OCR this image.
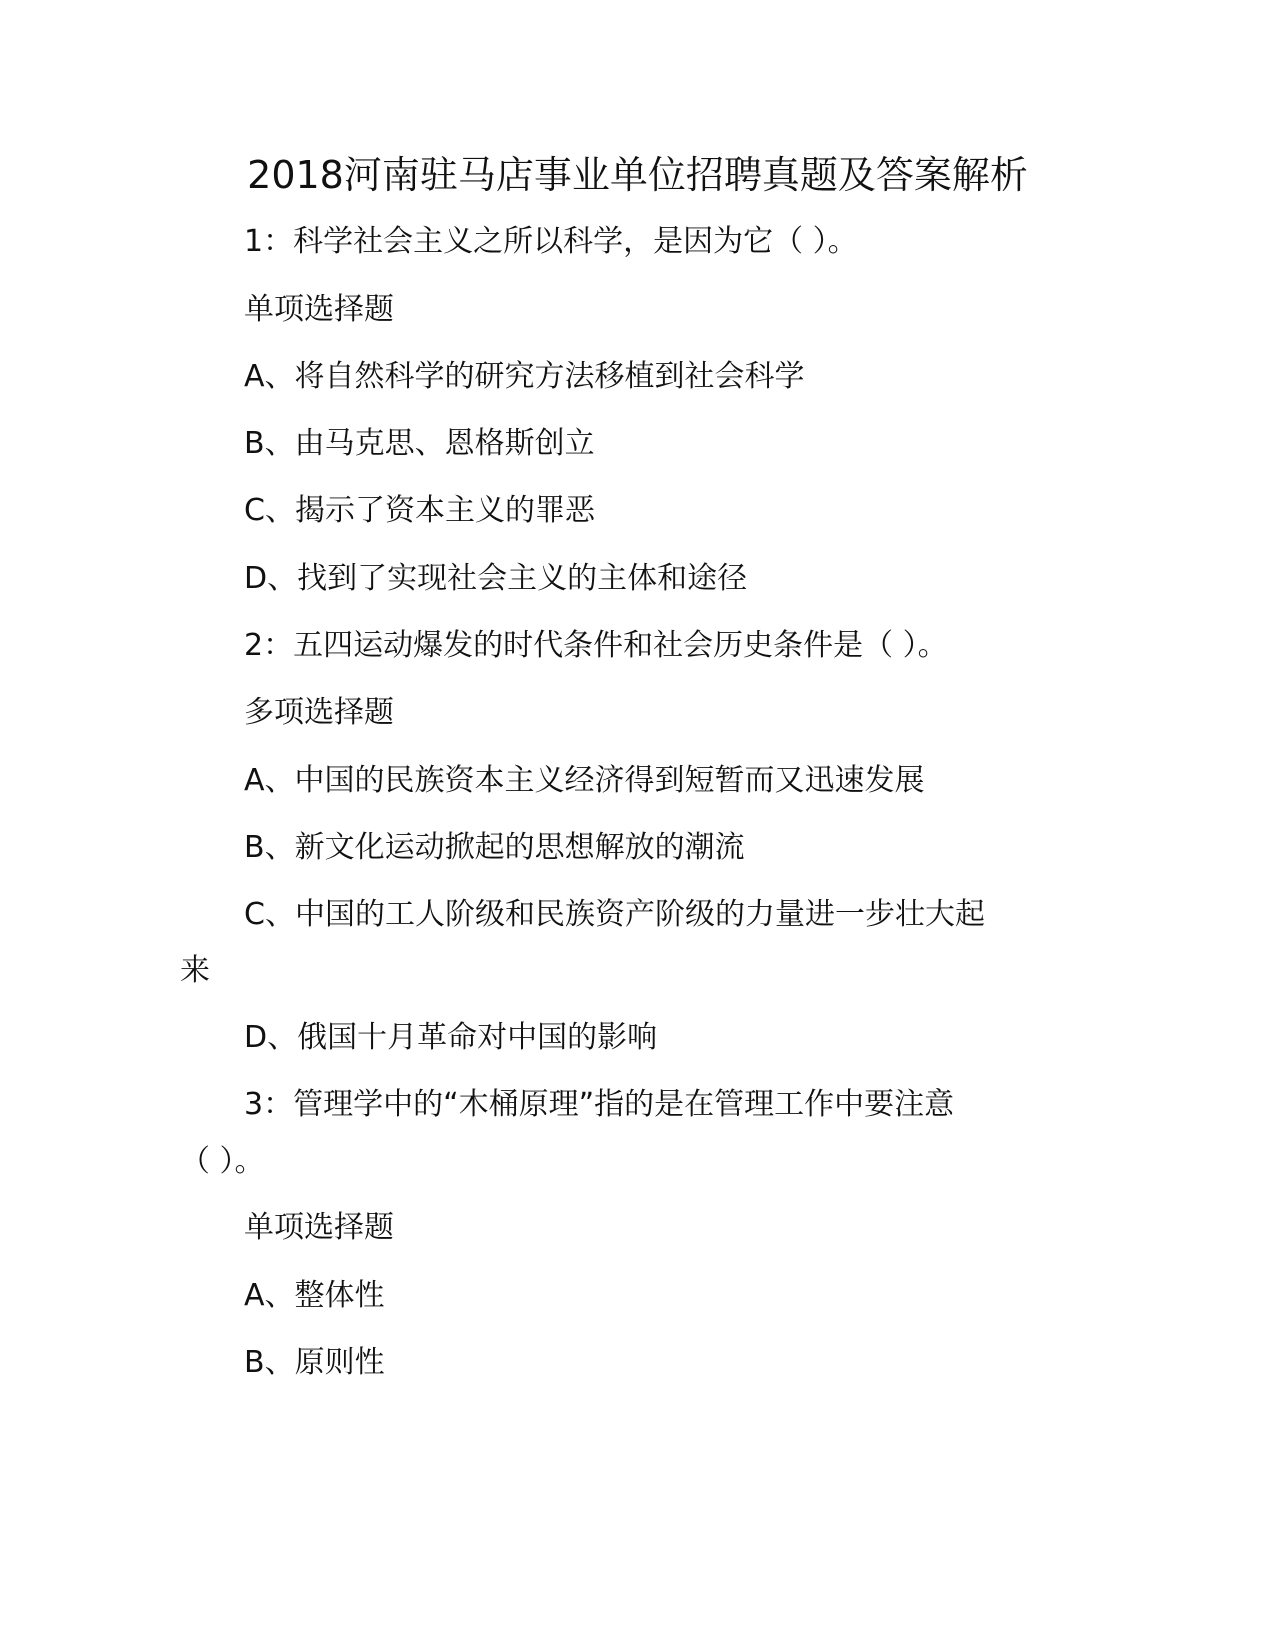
2018河南驻马店事业单位招聘真题及答案解析
1：科学社会主义之所以科学，是因为它（ ）。
单项选择题
A、将自然科学的研究方法移植到社会科学
B、由马克思、恩格斯创立
C、揭示了资本主义的罪恶
D、找到了实现社会主义的主体和途径
2：五四运动爆发的时代条件和社会历史条件是（ ）。
多项选择题
A、中国的民族资本主义经济得到短暂而又迅速发展
B、新文化运动掀起的思想解放的潮流
C、中国的工人阶级和民族资产阶级的力量进一步壮大起
来
D、俄国十月革命对中国的影响
3：管理学中的“木桶原理”指的是在管理工作中要注意
（ ）。
单项选择题
A、整体性
B、原则性
